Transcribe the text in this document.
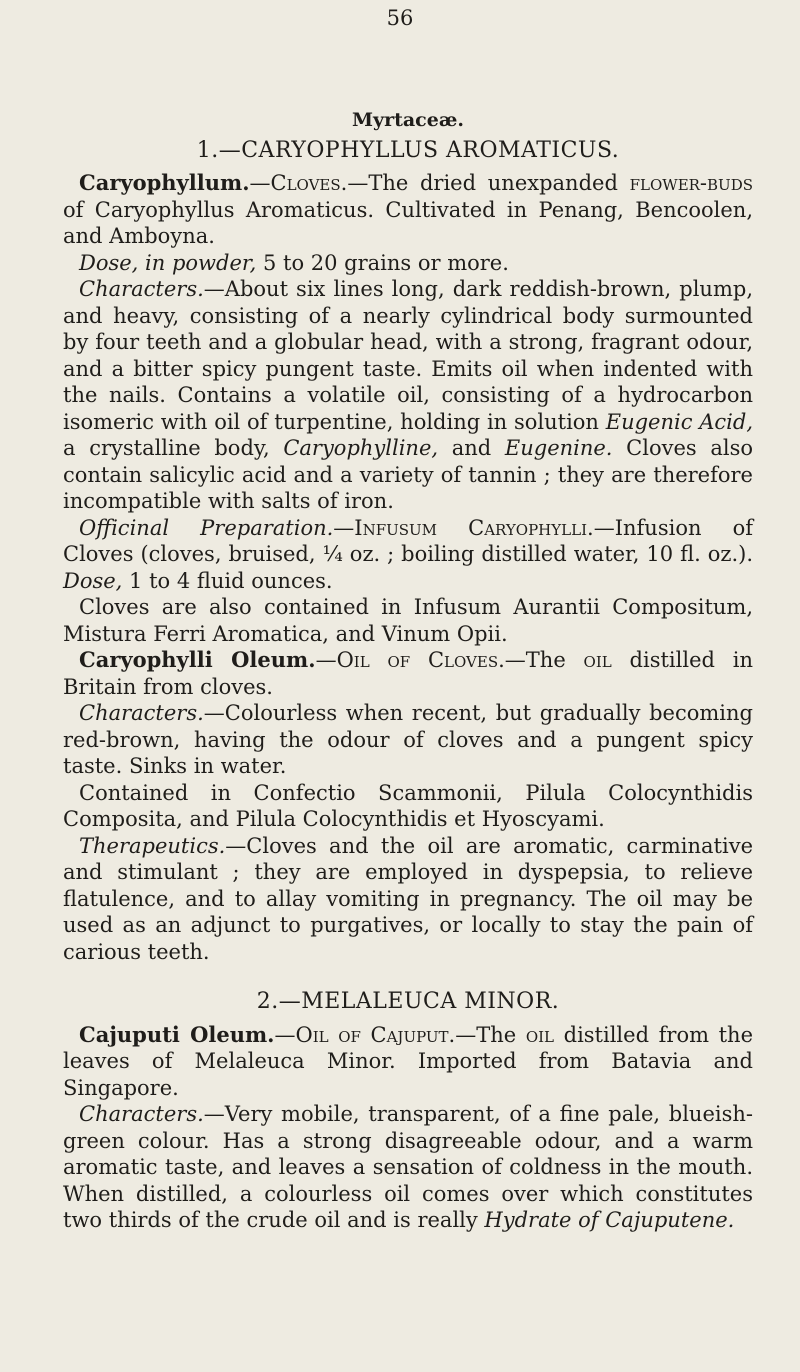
56
Myrtaceæ.
1.—CARYOPHYLLUS AROMATICUS.

Caryophyllum.—Cloves.—The dried unexpanded flower-buds of Caryophyllus Aromaticus. Cultivated in Penang, Bencoolen, and Amboyna.

Dose, in powder, 5 to 20 grains or more.

Characters.—About six lines long, dark reddish-brown, plump, and heavy, consisting of a nearly cylindrical body surmounted by four teeth and a globular head, with a strong, fragrant odour, and a bitter spicy pungent taste. Emits oil when indented with the nails. Contains a volatile oil, consisting of a hydrocarbon isomeric with oil of turpentine, holding in solution Eugenic Acid, a crystalline body, Caryophylline, and Eugenine. Cloves also contain salicylic acid and a variety of tannin ; they are therefore incompatible with salts of iron.

Officinal Preparation.—Infusum Caryophylli.—Infusion of Cloves (cloves, bruised, ¼ oz. ; boiling distilled water, 10 fl. oz.). Dose, 1 to 4 fluid ounces.

Cloves are also contained in Infusum Aurantii Compositum, Mistura Ferri Aromatica, and Vinum Opii.

Caryophylli Oleum.—Oil of Cloves.—The oil distilled in Britain from cloves.

Characters.—Colourless when recent, but gradually becoming red-brown, having the odour of cloves and a pungent spicy taste. Sinks in water.

Contained in Confectio Scammonii, Pilula Colocynthidis Composita, and Pilula Colocynthidis et Hyoscyami.

Therapeutics.—Cloves and the oil are aromatic, carminative and stimulant ; they are employed in dyspepsia, to relieve flatulence, and to allay vomiting in pregnancy. The oil may be used as an adjunct to purgatives, or locally to stay the pain of carious teeth.

2.—MELALEUCA MINOR.

Cajuputi Oleum.—Oil of Cajuput.—The oil distilled from the leaves of Melaleuca Minor. Imported from Batavia and Singapore.

Characters.—Very mobile, transparent, of a fine pale, blueish-green colour. Has a strong disagreeable odour, and a warm aromatic taste, and leaves a sensation of coldness in the mouth. When distilled, a colourless oil comes over which constitutes two thirds of the crude oil and is really Hydrate of Cajuputene.
